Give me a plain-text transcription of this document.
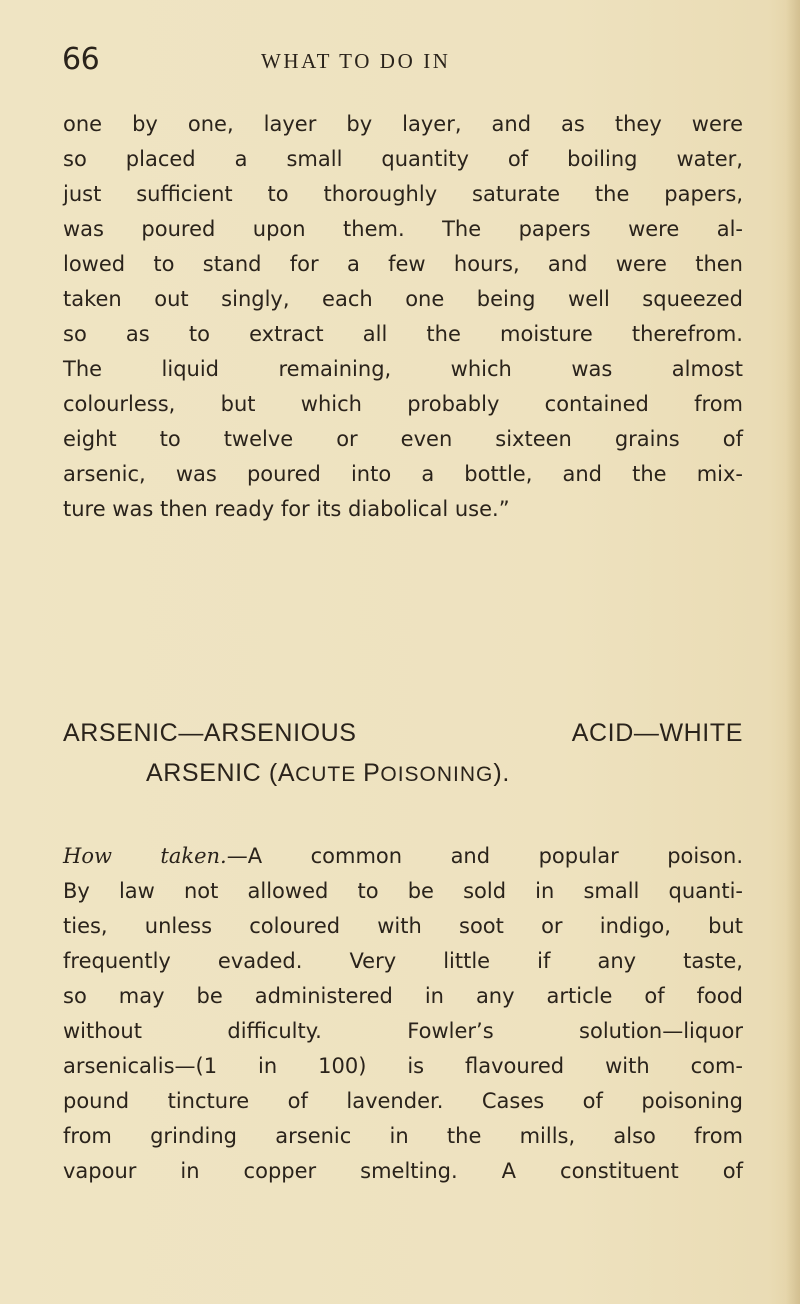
66	WHAT TO DO IN
one by one, layer by layer, and as they were
so placed a small quantity of boiling water,
just sufficient to thoroughly saturate the papers,
was poured upon them. The papers were al-
lowed to stand for a few hours, and were then
taken out singly, each one being well squeezed
so as to extract all the moisture therefrom.
The liquid remaining, which was almost
colourless, but which probably contained from
eight to twelve or even sixteen grains of
arsenic, was poured into a bottle, and the mix-
ture was then ready for its diabolical use.”
ARSENIC—ARSENIOUS ACID—WHITE
ARSENIC (ACUTE POISONING).
How taken.—A common and popular poison.
By law not allowed to be sold in small quanti-
ties, unless coloured with soot or indigo, but
frequently evaded. Very little if any taste,
so may be administered in any article of food
without difficulty. Fowler’s solution—liquor
arsenicalis—(1 in 100) is flavoured with com-
pound tincture of lavender. Cases of poisoning
from grinding arsenic in the mills, also from
vapour in copper smelting. A constituent of
